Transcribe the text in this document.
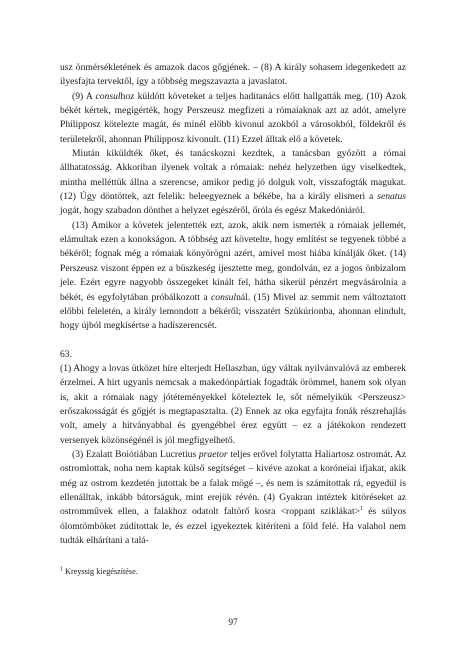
usz önmérsékletének és amazok dacos gőgjének. – (8) A király sohasem idegenkedett az ilyesfajta tervektől, így a többség megszavazta a javaslatot.

(9) A consulhoz küldött követeket a teljes haditanács előtt hallgatták meg. (10) Azok békét kértek, megígérték, hogy Perszeusz megfizeti a rómaiaknak azt az adót, amelyre Philipposz kötelezte magát, és minél előbb kivonul azokból a városokból, földekről és területekről, ahonnan Philipposz kivonult. (11) Ezzel álltak elő a követek.

Miután kiküldték őket, és tanácskozni kezdtek, a tanácsban győzött a római állhatatosság. Akkoriban ilyenek voltak a rómaiak: nehéz helyzetben úgy viselkedtek, mintha melléttük állna a szerencse, amikor pedig jó dolguk volt, visszafogták magukat. (12) Úgy döntöttek, azt felelik: beleegyeznek a békébe, ha a király elismeri a senatus jogát, hogy szabadon dönthet a helyzet egészéről, őróla és egész Makedóniáról.

(13) Amikor a követek jelentették ezt, azok, akik nem ismerték a rómaiak jellemét, elámultak ezen a konokságon. A többség azt követelte, hogy említést se tegyenek többé a békéről; fognak még a rómaiak könyörögni azért, amivel most hiába kínálják őket. (14) Perszeusz viszont éppen ez a büszkeség ijesztette meg, gondolván, ez a jogos önbizalom jele. Ezért egyre nagyobb összegeket kínált fel, hátha sikerül pénzért megvásárolnia a békét, és egyfolytában próbálkozott a consulnál. (15) Mivel az semmit nem változtatott előbbi feleletén, a király lemondott a békéről; visszatért Szükúrionba, ahonnan elindult, hogy újból megkísértse a hadiszerencsét.

63.

(1) Ahogy a lovas ütközet híre elterjedt Hellaszban, úgy váltak nyilvánvalóvá az emberek érzelmei. A hírt ugyanis nemcsak a makedónpártiak fogadták örömmel, hanem sok olyan is, akit a rómaiak nagy jótéteményekkel köteleztek le, sőt némelyikük <Perszeusz> erőszakosságát és gőgjét is megtapasztalta. (2) Ennek az oka egyfajta fonák részrehajlás volt, amely a hitványabbal és gyengébbel érez együtt – ez a játékokon rendezett versenyek közönségénél is jól megfigyelhető.

(3) Ezalatt Boiótiában Lucretius praetor teljes erővel folytatta Haliartosz ostromát. Az ostromlottak, noha nem kaptak külső segítséget – kivéve azokat a koróneiai ifjakat, akik még az ostrom kezdetén jutottak be a falak mögé –, és nem is számítottak rá, egyedül is ellenálltak, inkább bátorságuk, mint erejük révén. (4) Gyakran intéztek kitöréseket az ostromművek ellen, a falakhoz odatolt faltörő kosra <roppant sziklákat>$^1$ és súlyos ólomtömböket zúdítottak le, és ezzel igyekeztek kitéríteni a föld felé. Ha valahol nem tudták elhárítani a talá-

$^1$ Kreyssig kiegészítése.
97
